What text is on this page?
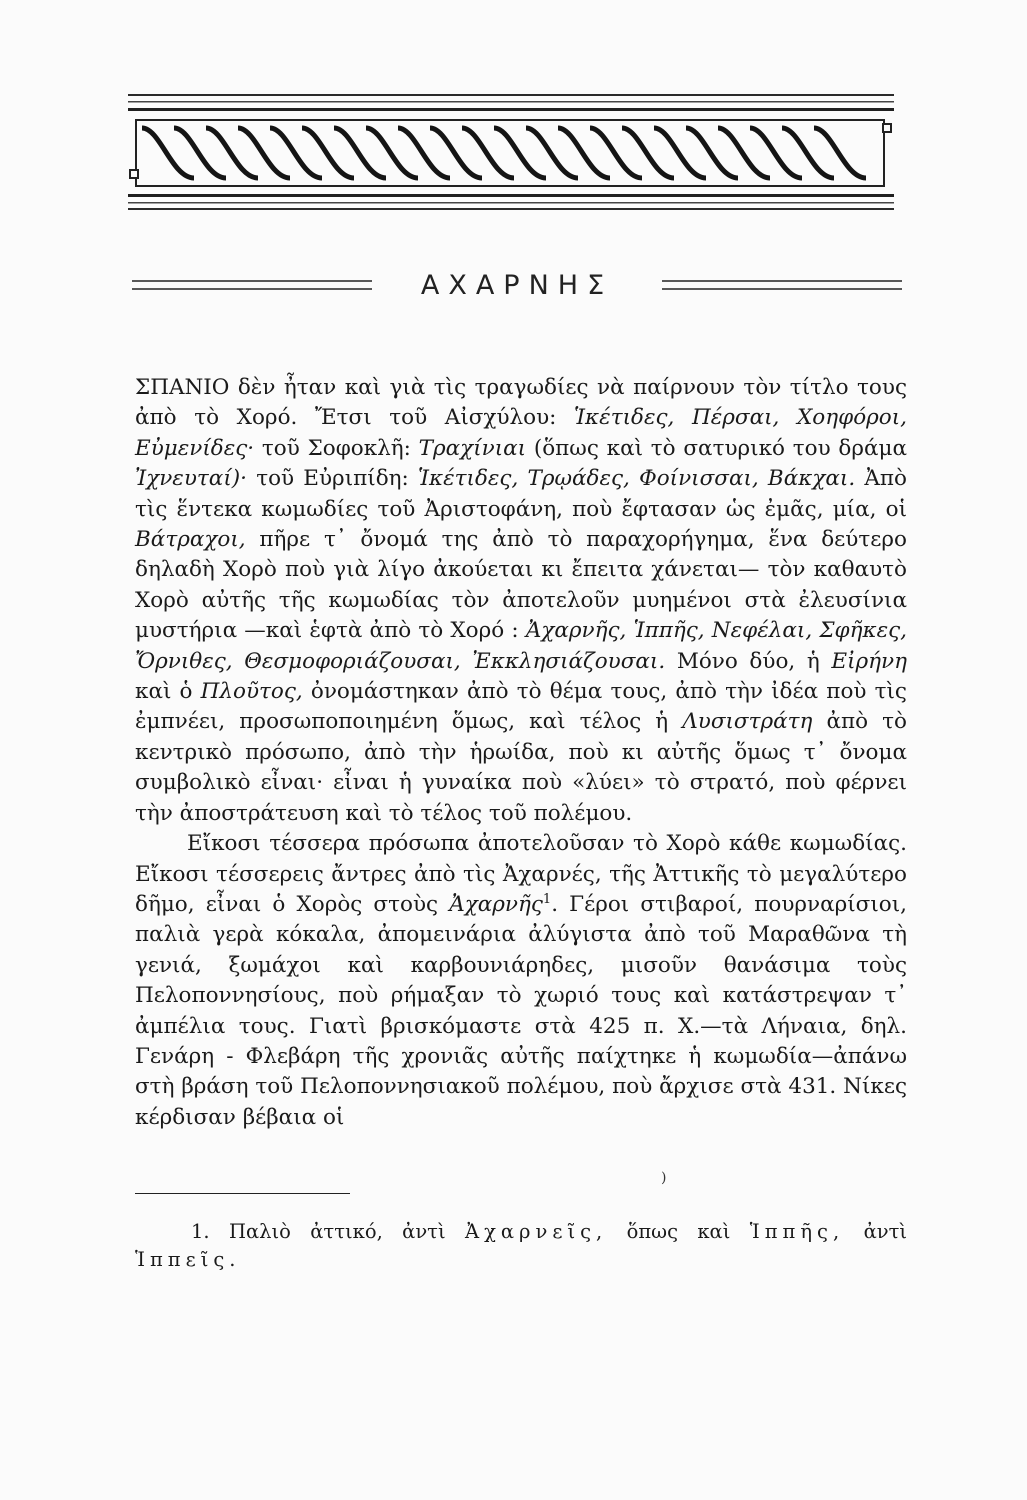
ΑΧΑΡΝΗΣ

ΣΠΑΝΙΟ δὲν ἦταν καὶ γιὰ τὶς τραγωδίες νὰ παίρνουν τὸν τίτλο τους ἀπὸ τὸ Χορό. Ἔτσι τοῦ Αἰσχύλου: Ἱκέτιδες, Πέρσαι, Χοηφόροι, Εὐμενίδες· τοῦ Σοφοκλῆ: Τραχίνιαι (ὅπως καὶ τὸ σατυρικό του δράμα Ἰχνευταί)· τοῦ Εὐριπίδη: Ἱκέτιδες, Τρῳάδες, Φοίνισσαι, Βάκχαι. Ἀπὸ τὶς ἕντεκα κωμωδίες τοῦ Ἀριστοφάνη, ποὺ ἔφτασαν ὡς ἐμᾶς, μία, οἱ Βάτραχοι, πῆρε τ᾽ ὄνομά της ἀπὸ τὸ παραχορήγημα, ἕνα δεύτερο δηλαδὴ Χορὸ ποὺ γιὰ λίγο ἀκούεται κι ἔπειτα χάνεται— τὸν καθαυτὸ Χορὸ αὐτῆς τῆς κωμωδίας τὸν ἀποτελοῦν μυημένοι στὰ ἐλευσίνια μυστήρια —καὶ ἑφτὰ ἀπὸ τὸ Χορό : Ἀχαρνῆς, Ἱππῆς, Νεφέλαι, Σφῆκες, Ὄρνιθες, Θεσμοφοριάζουσαι, Ἐκκλησιάζουσαι. Μόνο δύο, ἡ Εἰρήνη καὶ ὁ Πλοῦτος, ὀνομάστηκαν ἀπὸ τὸ θέμα τους, ἀπὸ τὴν ἰδέα ποὺ τὶς ἐμπνέει, προσωποποιημένη ὅμως, καὶ τέλος ἡ Λυσιστράτη ἀπὸ τὸ κεντρικὸ πρόσωπο, ἀπὸ τὴν ἡρωίδα, ποὺ κι αὐτῆς ὅμως τ᾽ ὄνομα συμβολικὸ εἶναι· εἶναι ἡ γυναίκα ποὺ «λύει» τὸ στρατό, ποὺ φέρνει τὴν ἀποστράτευση καὶ τὸ τέλος τοῦ πολέμου.

Εἴκοσι τέσσερα πρόσωπα ἀποτελοῦσαν τὸ Χορὸ κάθε κωμωδίας. Εἴκοσι τέσσερεις ἄντρες ἀπὸ τὶς Ἀχαρνές, τῆς Ἀττικῆς τὸ μεγαλύτερο δῆμο, εἶναι ὁ Χορὸς στοὺς Ἀχαρνῆς$^1$. Γέροι στιβαροί, πουρναρίσιοι, παλιὰ γερὰ κόκαλα, ἀπομεινάρια ἀλύγιστα ἀπὸ τοῦ Μαραθῶνα τὴ γενιά, ξωμάχοι καὶ καρβουνιάρηδες, μισοῦν θανάσιμα τοὺς Πελοποννησίους, ποὺ ρήμαξαν τὸ χωριό τους καὶ κατάστρεψαν τ᾽ ἀμπέλια τους. Γιατὶ βρισκόμαστε στὰ 425 π. Χ.—τὰ Λήναια, δηλ. Γενάρη - Φλεβάρη τῆς χρονιᾶς αὐτῆς παίχτηκε ἡ κωμωδία—ἀπάνω στὴ βράση τοῦ Πελοποννησιακοῦ πολέμου, ποὺ ἄρχισε στὰ 431. Νίκες κέρδισαν βέβαια οἱ

)
1. Παλιὸ ἀττικό, ἀντὶ Ἀχαρνεῖς, ὅπως καὶ Ἱππῆς, ἀντὶ Ἱππεῖς.
